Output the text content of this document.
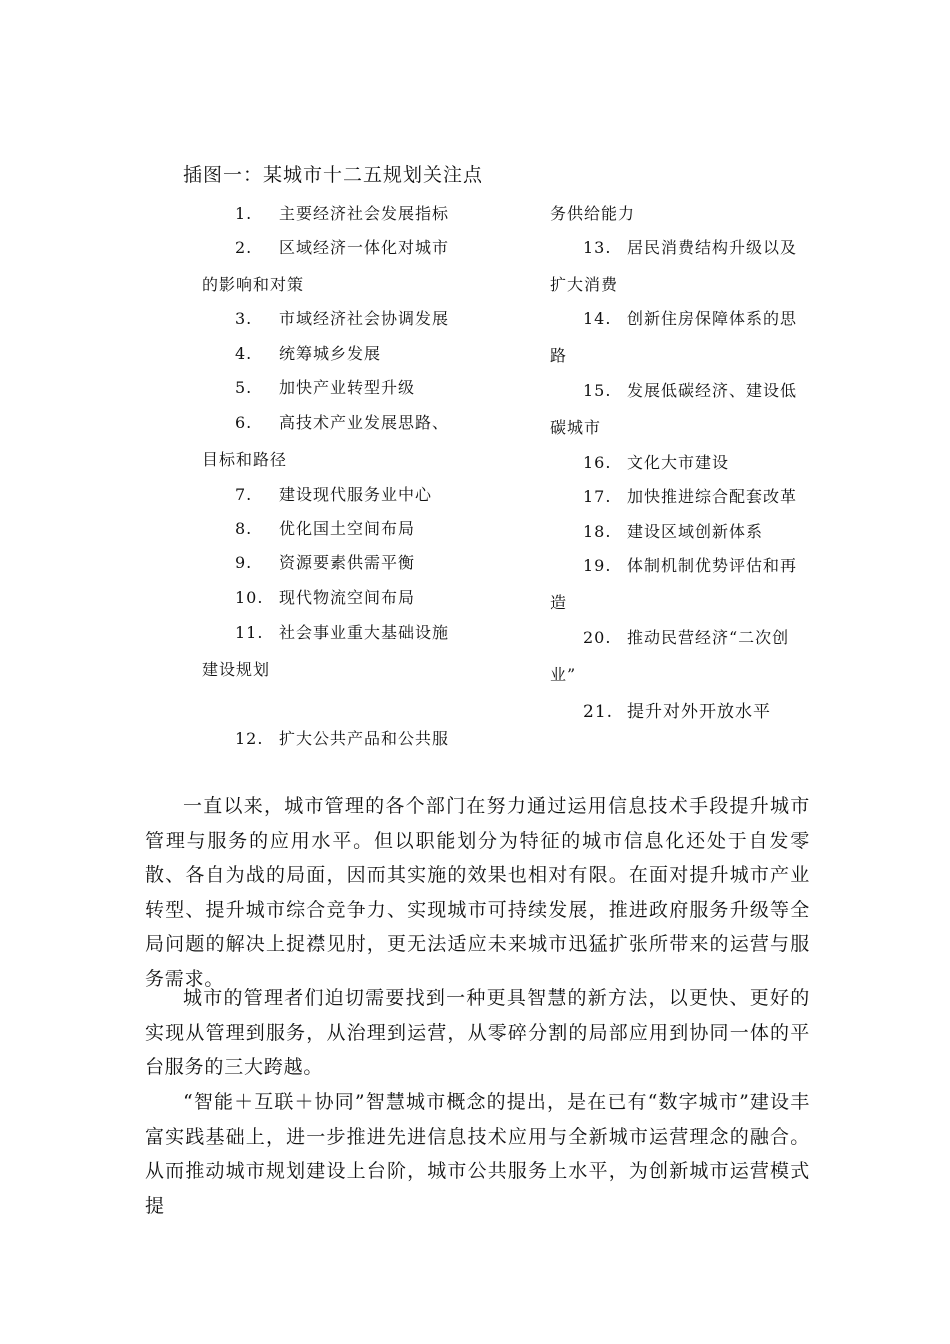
插图一：某城市十二五规划关注点
1. 主要经济社会发展指标
2. 区域经济一体化对城市
的影响和对策
3. 市域经济社会协调发展
4. 统筹城乡发展
5. 加快产业转型升级
6. 高技术产业发展思路、
目标和路径
7. 建设现代服务业中心
8. 优化国土空间布局
9. 资源要素供需平衡
10. 现代物流空间布局
11. 社会事业重大基础设施
建设规划
12. 扩大公共产品和公共服
务供给能力
13. 居民消费结构升级以及
扩大消费
14. 创新住房保障体系的思
路
15. 发展低碳经济、建设低
碳城市
16. 文化大市建设
17. 加快推进综合配套改革
18. 建设区域创新体系
19. 体制机制优势评估和再
造
20. 推动民营经济“二次创
业”
21. 提升对外开放水平

一直以来，城市管理的各个部门在努力通过运用信息技术手段提升城市管理与服务的应用水平。但以职能划分为特征的城市信息化还处于自发零散、各自为战的局面，因而其实施的效果也相对有限。在面对提升城市产业转型、提升城市综合竞争力、实现城市可持续发展，推进政府服务升级等全局问题的解决上捉襟见肘，更无法适应未来城市迅猛扩张所带来的运营与服务需求。

城市的管理者们迫切需要找到一种更具智慧的新方法，以更快、更好的实现从管理到服务，从治理到运营，从零碎分割的局部应用到协同一体的平台服务的三大跨越。

“智能＋互联＋协同”智慧城市概念的提出，是在已有“数字城市”建设丰富实践基础上，进一步推进先进信息技术应用与全新城市运营理念的融合。从而推动城市规划建设上台阶，城市公共服务上水平，为创新城市运营模式提
